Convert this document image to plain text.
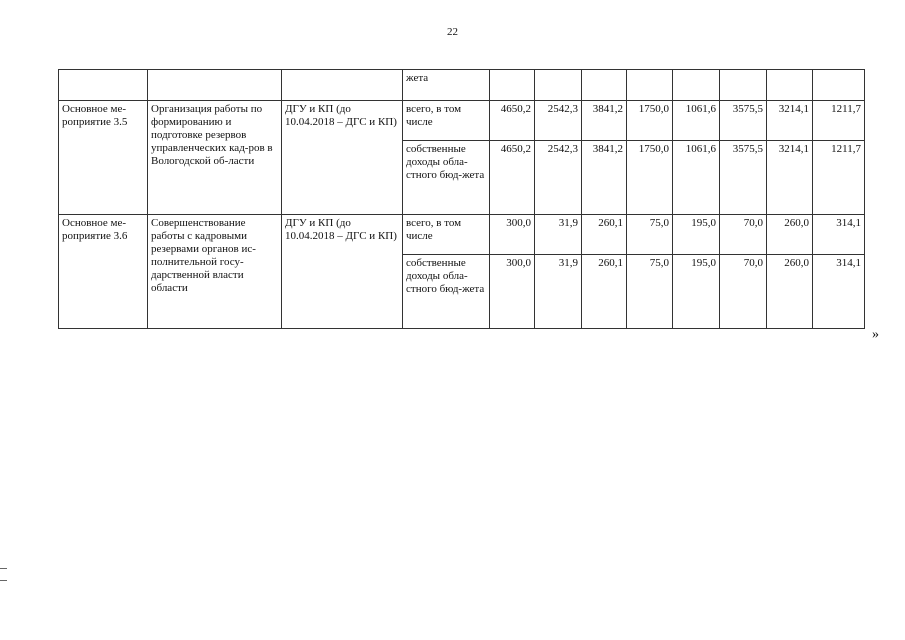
22
			жета								
Основное ме-роприятие 3.5	Организация работы по формированию и подготовке резервов управленческих кад-ров в Вологодской об-ласти	ДГУ и КП (до 10.04.2018 – ДГС и КП)	всего, в том числе	4650,2	2542,3	3841,2	1750,0	1061,6	3575,5	3214,1	1211,7
			собственные доходы обла-стного бюд-жета	4650,2	2542,3	3841,2	1750,0	1061,6	3575,5	3214,1	1211,7
Основное ме-роприятие 3.6	Совершенствование работы с кадровыми резервами органов ис-полнительной госу-дарственной власти области	ДГУ и КП (до 10.04.2018 – ДГС и КП)	всего, в том числе	300,0	31,9	260,1	75,0	195,0	70,0	260,0	314,1
			собственные доходы обла-стного бюд-жета	300,0	31,9	260,1	75,0	195,0	70,0	260,0	314,1
»
